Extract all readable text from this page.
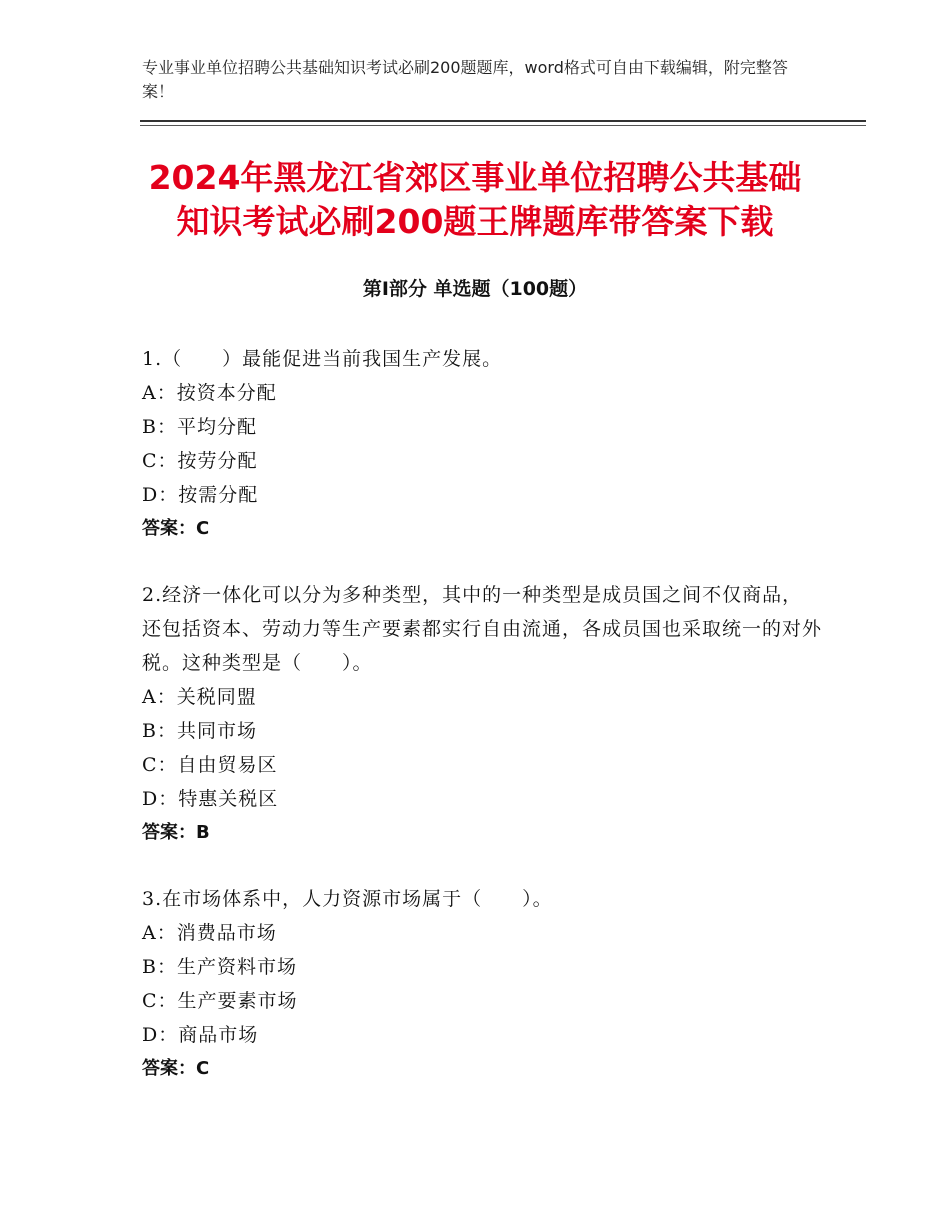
专业事业单位招聘公共基础知识考试必刷200题题库，word格式可自由下载编辑，附完整答案！
2024年黑龙江省郊区事业单位招聘公共基础
知识考试必刷200题王牌题库带答案下载
第I部分 单选题（100题）

1.（　　）最能促进当前我国生产发展。

A：按资本分配

B：平均分配

C：按劳分配

D：按需分配

答案：C

2.经济一体化可以分为多种类型，其中的一种类型是成员国之间不仅商品，还包括资本、劳动力等生产要素都实行自由流通，各成员国也采取统一的对外税。这种类型是（　　）。

A：关税同盟

B：共同市场

C：自由贸易区

D：特惠关税区

答案：B

3.在市场体系中，人力资源市场属于（　　）。

A：消费品市场

B：生产资料市场

C：生产要素市场

D：商品市场

答案：C
